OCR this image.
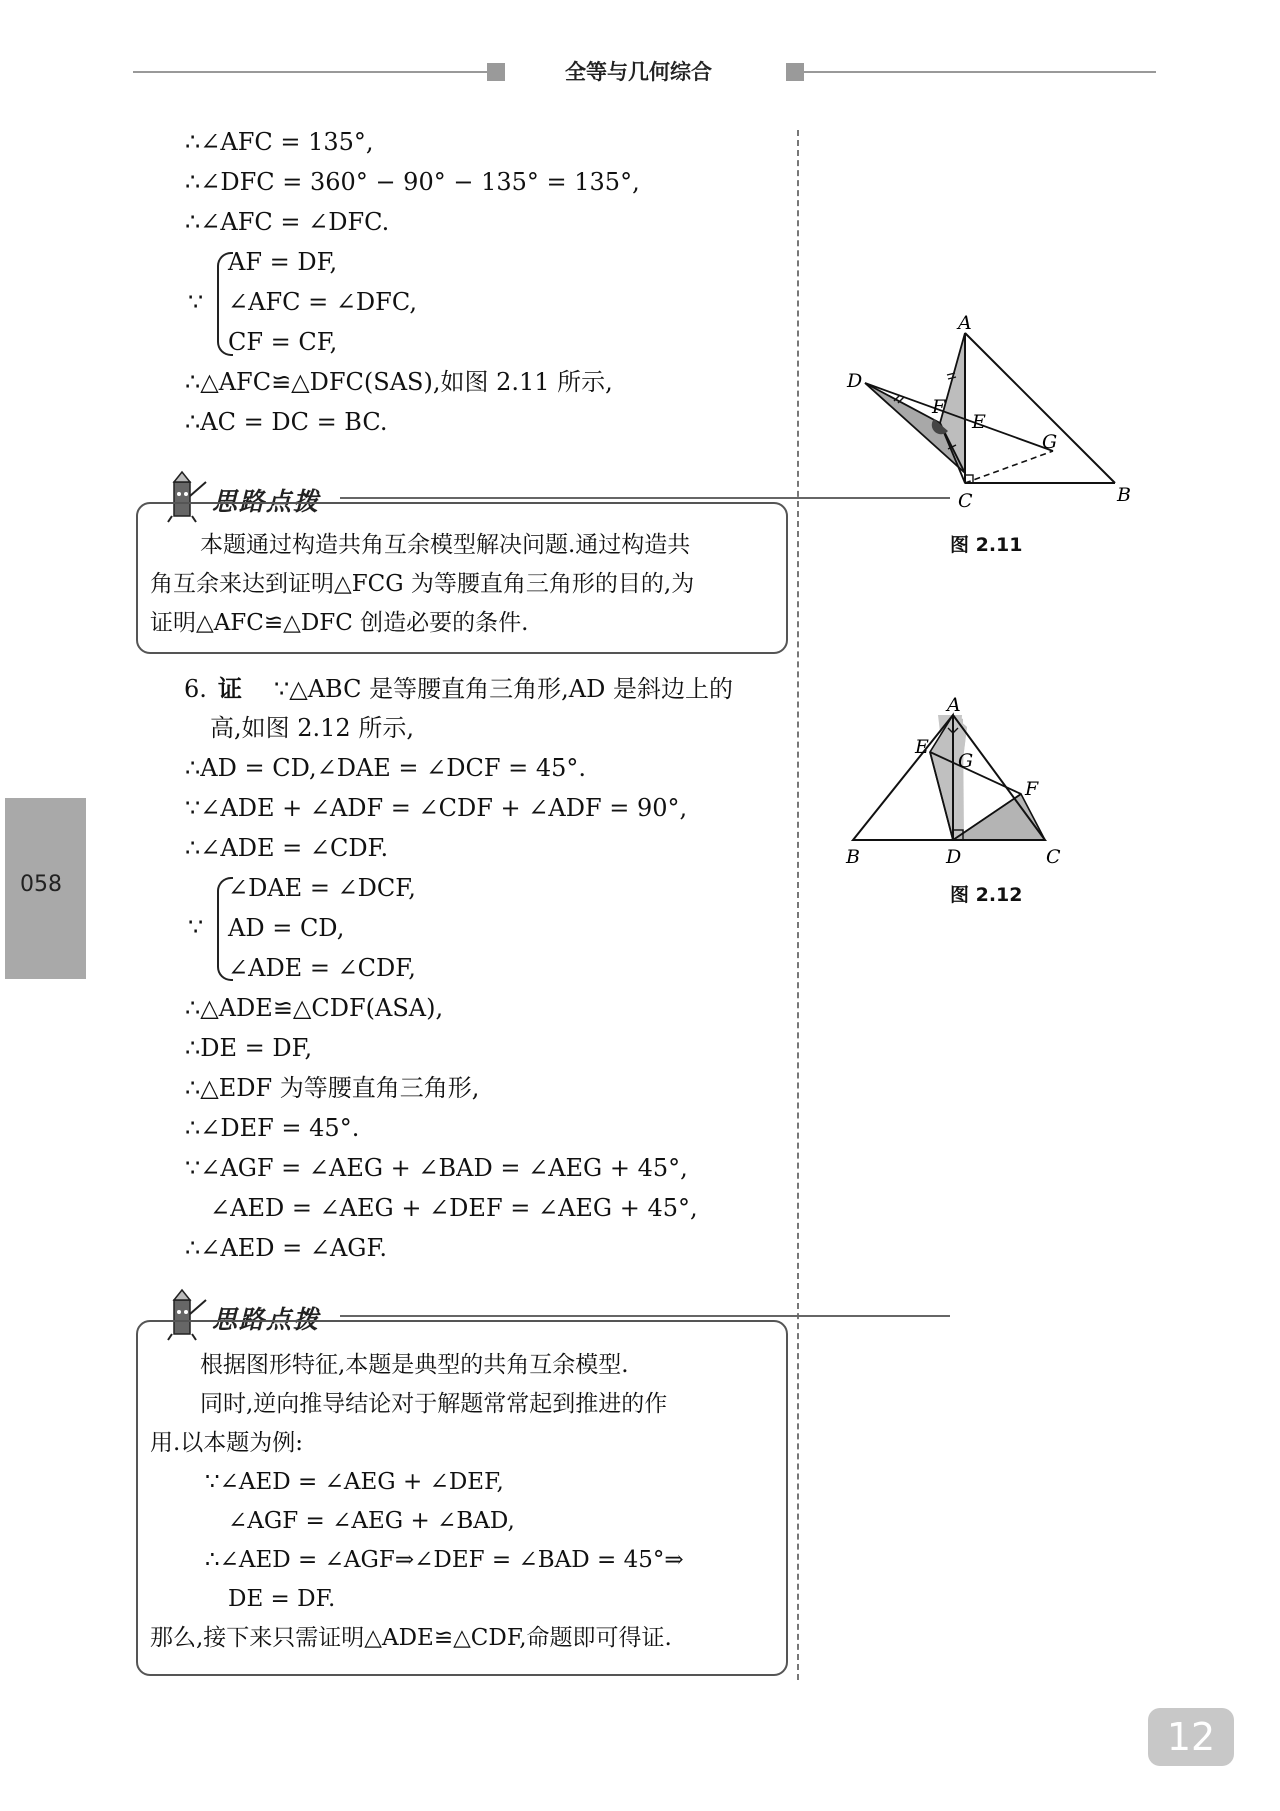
全等与几何综合
058
∴∠AFC = 135°,
∴∠DFC = 360° − 90° − 135° = 135°,
∴∠AFC = ∠DFC.
∵
AF = DF,
∠AFC = ∠DFC,
CF = CF,
∴△AFC≌△DFC(SAS),如图 2.11 所示,
∴AC = DC = BC.
思路点拨
本题通过构造共角互余模型解决问题.通过构造共
角互余来达到证明△FCG 为等腰直角三角形的目的,为
证明△AFC≌△DFC 创造必要的条件.
6. 证 ∵△ABC 是等腰直角三角形,AD 是斜边上的
高,如图 2.12 所示,
∴AD = CD,∠DAE = ∠DCF = 45°.
∵∠ADE + ∠ADF = ∠CDF + ∠ADF = 90°,
∴∠ADE = ∠CDF.
∵
∠DAE = ∠DCF,
AD = CD,
∠ADE = ∠CDF,
∴△ADE≌△CDF(ASA),
∴DE = DF,
∴△EDF 为等腰直角三角形,
∴∠DEF = 45°.
∵∠AGF = ∠AEG + ∠BAD = ∠AEG + 45°,
∠AED = ∠AEG + ∠DEF = ∠AEG + 45°,
∴∠AED = ∠AGF.
思路点拨
根据图形特征,本题是典型的共角互余模型.
同时,逆向推导结论对于解题常常起到推进的作
用.以本题为例:
∵∠AED = ∠AEG + ∠DEF,
∠AGF = ∠AEG + ∠BAD,
∴∠AED = ∠AGF⇒∠DEF = ∠BAD = 45°⇒
DE = DF.
那么,接下来只需证明△ADE≌△CDF,命题即可得证.
A
B
C
D
E
F
G
图 2.11
A
B	C
D
E
F
G
图 2.12
12
